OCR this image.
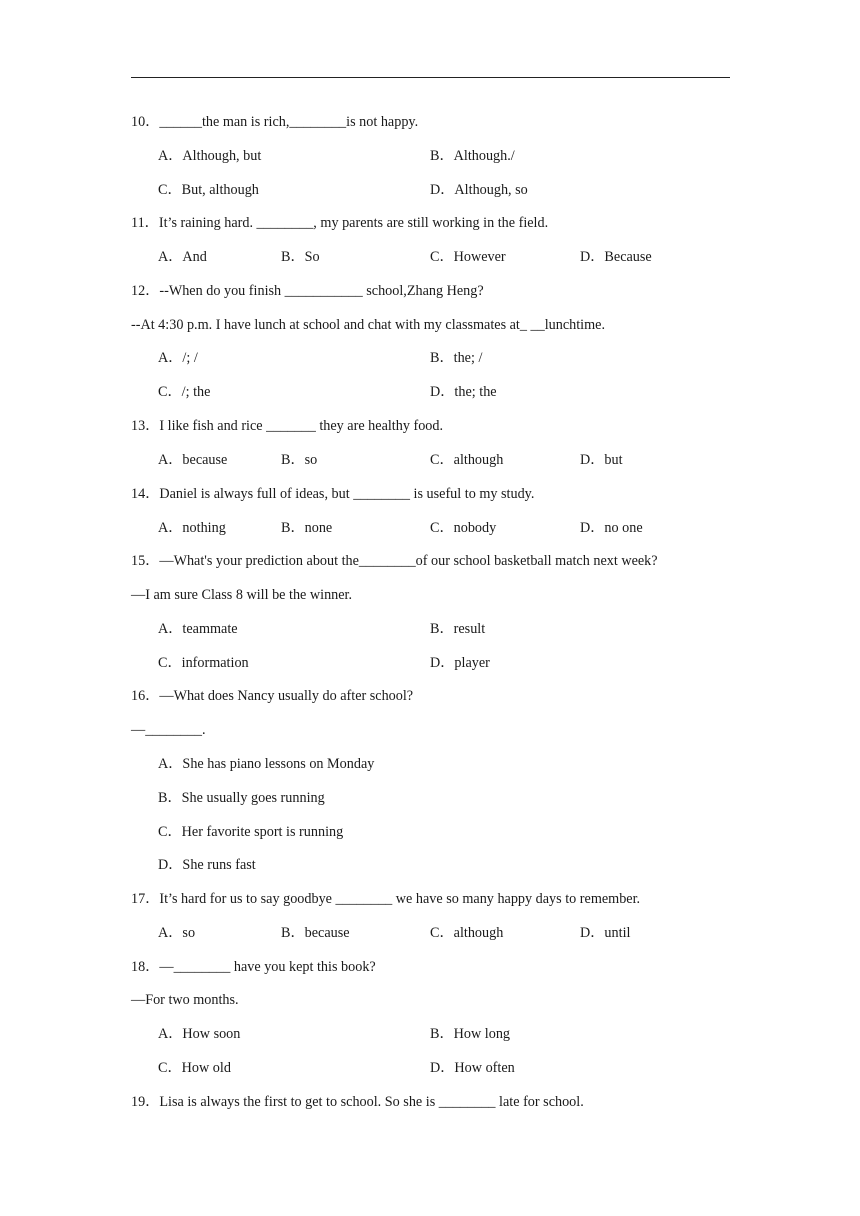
10．______the man is rich,________is not happy.
A．Although, but	B．Although./
C．But, although	D．Although, so
11．It’s raining hard. ________, my parents are still working in the field.
A．And	B．So	C．However	D．Because
12．--When do you finish ___________ school,Zhang Heng?
--At 4:30 p.m. I have lunch at school and chat with my classmates at_ __lunchtime.
A．/; /	B．the; /
C．/; the	D．the; the
13．I like fish and rice _______ they are healthy food.
A．because	B．so	C．although	D．but
14．Daniel is always full of ideas, but ________ is useful to my study.
A．nothing	B．none	C．nobody	D．no one
15．—What's your prediction about the________of our school basketball match next week?
—I am sure Class 8 will be the winner.
A．teammate	B．result
C．information	D．player
16．—What does Nancy usually do after school?
—________.
A．She has piano lessons on Monday
B．She usually goes running
C．Her favorite sport is running
D．She runs fast
17．It’s hard for us to say goodbye ________ we have so many happy days to remember.
A．so	B．because	C．although	D．until
18．—________ have you kept this book?
—For two months.
A．How soon	B．How long
C．How old	D．How often
19．Lisa is always the first to get to school. So she is ________ late for school.
